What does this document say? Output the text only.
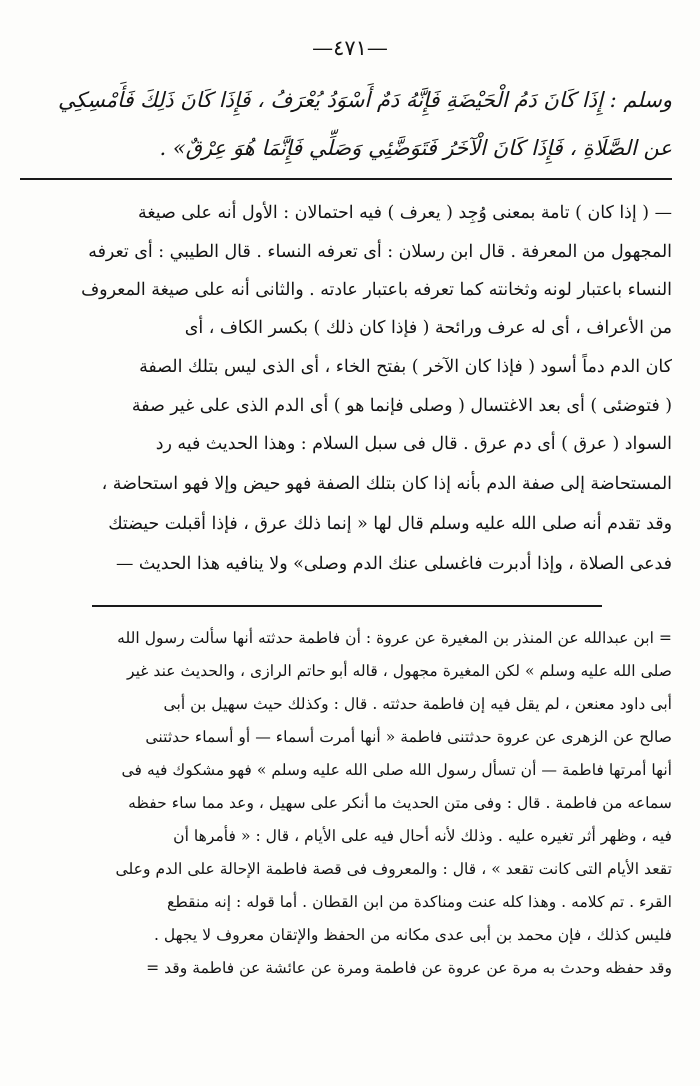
—٤٧١—
وسلم : إِذَا كَانَ دَمُ الْحَيْضَةِ فَإِنَّهُ دَمٌ أَسْوَدُ يُعْرَفُ ، فَإِذَا كَانَ ذَلِكَ فَأَمْسِكِي
عن الصَّلَاةِ ، فَإِذَا كَانَ الْآخَرُ فَتَوَضَّئِي وَصَلِّي فَإِنَّمَا هُوَ عِرْقٌ» .
— ( إذا كان ) تامة بمعنى وُجِد ( يعرف ) فيه احتمالان : الأول أنه على صيغة
المجهول من المعرفة . قال ابن رسلان : أى تعرفه النساء . قال الطيبي : أى تعرفه
النساء باعتبار لونه وثخانته كما تعرفه باعتبار عادته . والثانى أنه على صيغة المعروف
من الأعراف ، أى له عرف ورائحة ( فإذا كان ذلك ) بكسر الكاف ، أى
كان الدم دماً أسود ( فإذا كان الآخر ) بفتح الخاء ، أى الذى ليس بتلك الصفة
( فتوضئى ) أى بعد الاغتسال ( وصلى فإنما هو ) أى الدم الذى على غير صفة
السواد ( عرق ) أى دم عرق . قال فى سبل السلام : وهذا الحديث فيه رد
المستحاضة إلى صفة الدم بأنه إذا كان بتلك الصفة فهو حيض وإلا فهو استحاضة ،
وقد تقدم أنه صلى الله عليه وسلم قال لها « إنما ذلك عرق ، فإذا أقبلت حيضتك
فدعى الصلاة ، وإذا أدبرت فاغسلى عنك الدم وصلى» ولا ينافيه هذا الحديث —
= ابن عبدالله عن المنذر بن المغيرة عن عروة : أن فاطمة حدثته أنها سألت رسول الله
صلى الله عليه وسلم » لكن المغيرة مجهول ، قاله أبو حاتم الرازى ، والحديث عند غير
أبى داود معنعن ، لم يقل فيه إن فاطمة حدثته . قال : وكذلك حيث سهيل بن أبى
صالح عن الزهرى عن عروة حدثتنى فاطمة « أنها أمرت أسماء — أو أسماء حدثتنى
أنها أمرتها فاطمة — أن تسأل رسول الله صلى الله عليه وسلم » فهو مشكوك فيه فى
سماعه من فاطمة . قال : وفى متن الحديث ما أنكر على سهيل ، وعد مما ساء حفظه
فيه ، وظهر أثر تغيره عليه . وذلك لأنه أحال فيه على الأيام ، قال : « فأمرها أن
تقعد الأيام التى كانت تقعد » ، قال : والمعروف فى قصة فاطمة الإحالة على الدم وعلى
القرء . تم كلامه . وهذا كله عنت ومناكدة من ابن القطان . أما قوله : إنه منقطع
فليس كذلك ، فإن محمد بن أبى عدى مكانه من الحفظ والإتقان معروف لا يجهل .
وقد حفظه وحدث به مرة عن عروة عن فاطمة ومرة عن عائشة عن فاطمة وقد =
